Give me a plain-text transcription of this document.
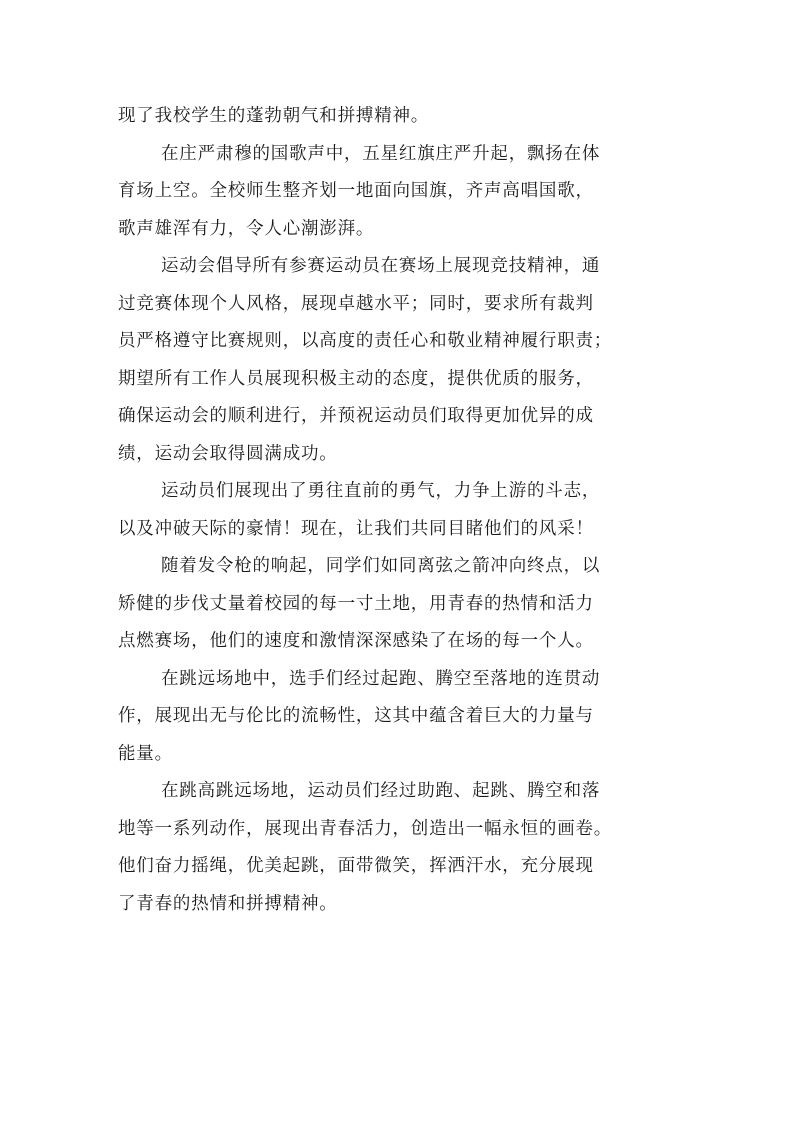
现了我校学生的蓬勃朝气和拼搏精神。
在庄严肃穆的国歌声中，五星红旗庄严升起，飘扬在体
育场上空。全校师生整齐划一地面向国旗，齐声高唱国歌，
歌声雄浑有力，令人心潮澎湃。
运动会倡导所有参赛运动员在赛场上展现竞技精神，通
过竞赛体现个人风格，展现卓越水平；同时，要求所有裁判
员严格遵守比赛规则，以高度的责任心和敬业精神履行职责；
期望所有工作人员展现积极主动的态度，提供优质的服务，
确保运动会的顺利进行，并预祝运动员们取得更加优异的成
绩，运动会取得圆满成功。
运动员们展现出了勇往直前的勇气，力争上游的斗志，
以及冲破天际的豪情！现在，让我们共同目睹他们的风采！
随着发令枪的响起，同学们如同离弦之箭冲向终点，以
矫健的步伐丈量着校园的每一寸土地，用青春的热情和活力
点燃赛场，他们的速度和激情深深感染了在场的每一个人。
在跳远场地中，选手们经过起跑、腾空至落地的连贯动
作，展现出无与伦比的流畅性，这其中蕴含着巨大的力量与
能量。
在跳高跳远场地，运动员们经过助跑、起跳、腾空和落
地等一系列动作，展现出青春活力，创造出一幅永恒的画卷。
他们奋力摇绳，优美起跳，面带微笑，挥洒汗水，充分展现
了青春的热情和拼搏精神。
